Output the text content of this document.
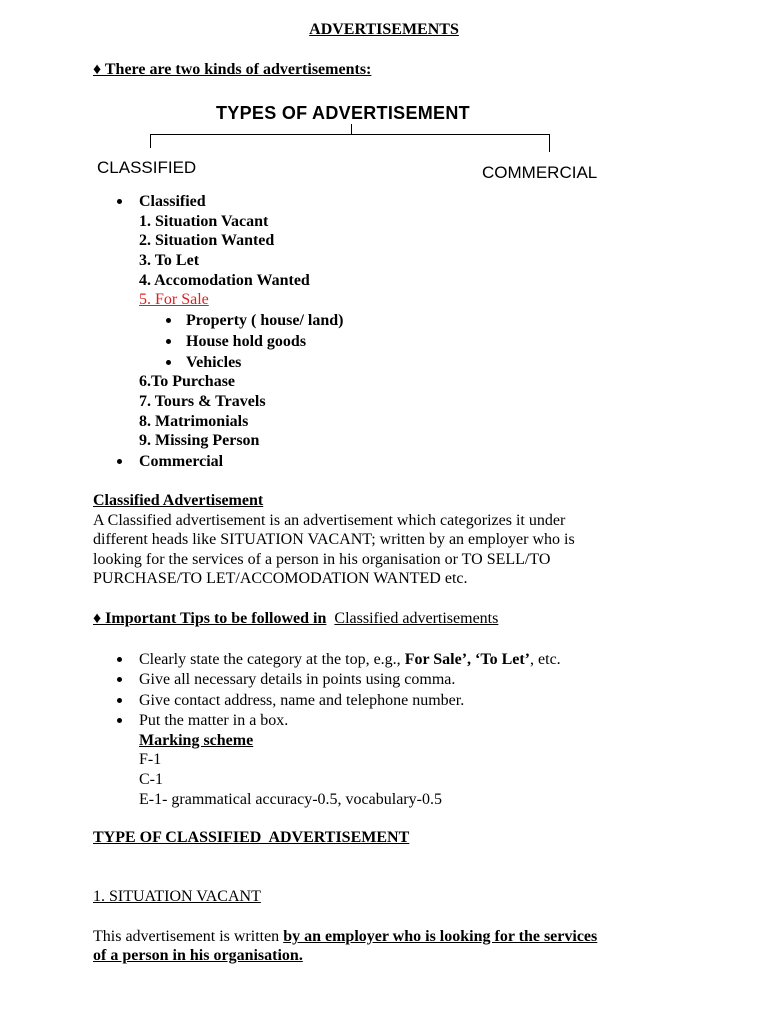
ADVERTISEMENTS
♦ There are two kinds of advertisements:
TYPES OF ADVERTISEMENT
CLASSIFIED	COMMERCIAL
Classified
1. Situation Vacant
2. Situation Wanted
3. To Let
4. Accomodation Wanted
5. For Sale
Property ( house/ land)
House hold goods
Vehicles
6.To Purchase
7. Tours & Travels
8. Matrimonials
9. Missing Person
Commercial
Classified Advertisement
A Classified advertisement is an advertisement which categorizes it under
different heads like SITUATION VACANT; written by an employer who is
looking for the services of a person in his organisation or TO SELL/TO
PURCHASE/TO LET/ACCOMODATION WANTED etc.
♦ Important Tips to be followed in Classified advertisements
Clearly state the category at the top, e.g., For Sale’, ‘To Let’, etc.
Give all necessary details in points using comma.
Give contact address, name and telephone number.
Put the matter in a box.
Marking scheme
F-1
C-1
E-1- grammatical accuracy-0.5, vocabulary-0.5
TYPE OF CLASSIFIED  ADVERTISEMENT
1. SITUATION VACANT
This advertisement is written by an employer who is looking for the services
of a person in his organisation.
